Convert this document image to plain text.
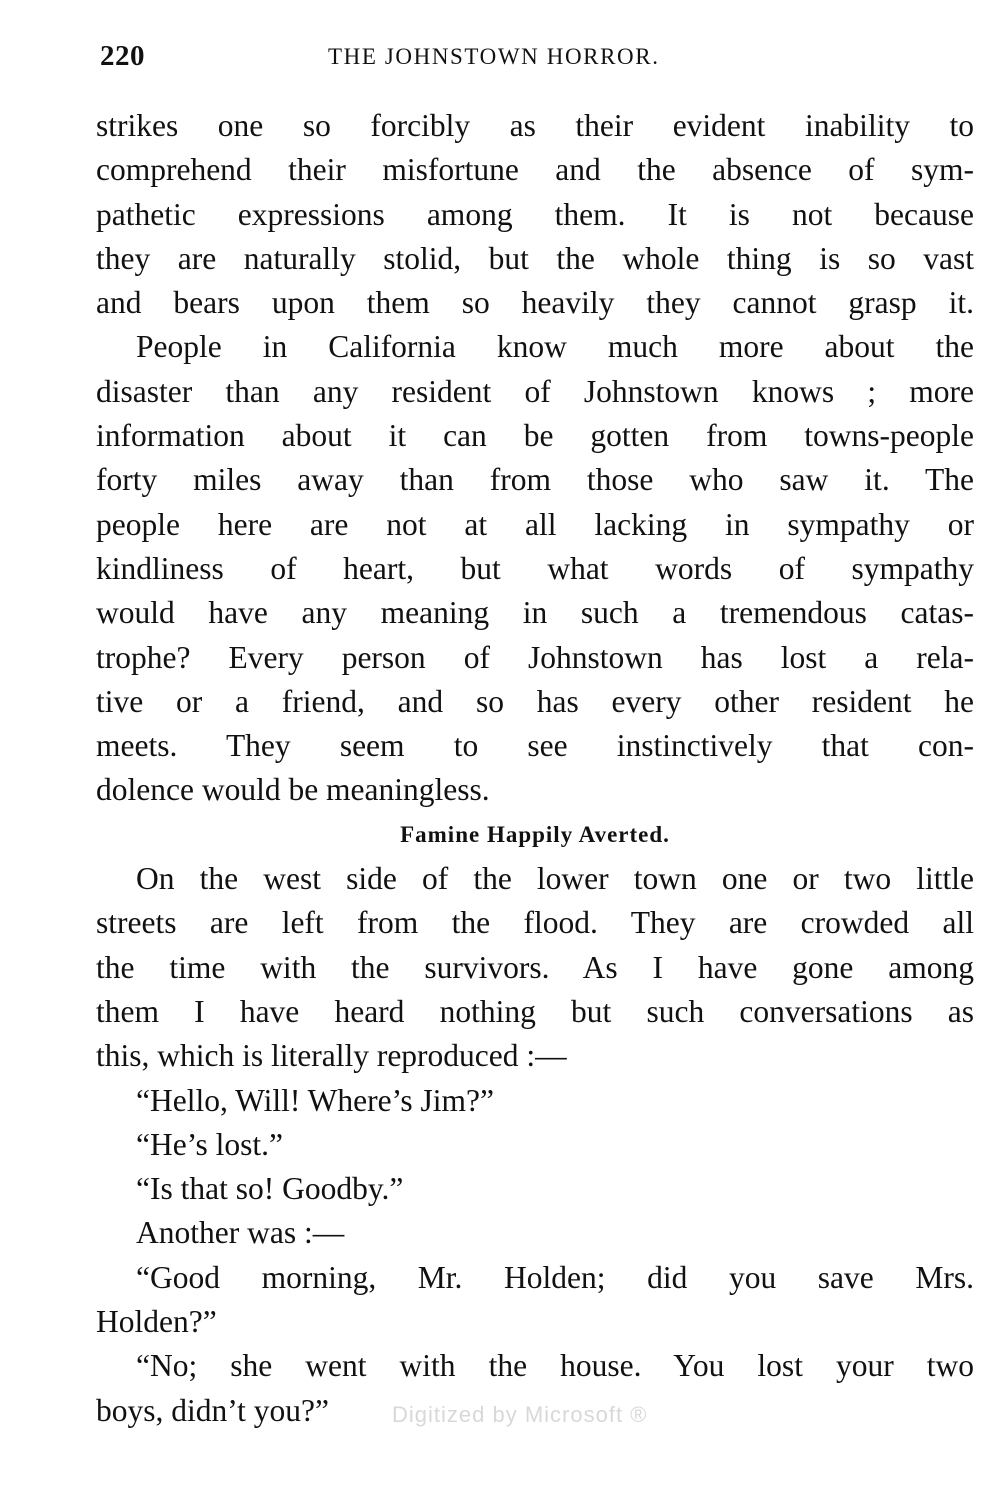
220	THE JOHNSTOWN HORROR.
strikes one so forcibly as their evident inability to
comprehend their misfortune and the absence of sym-
pathetic expressions among them. It is not because
they are naturally stolid, but the whole thing is so vast
and bears upon them so heavily they cannot grasp it.
People in California know much more about the
disaster than any resident of Johnstown knows ; more
information about it can be gotten from towns-people
forty miles away than from those who saw it. The
people here are not at all lacking in sympathy or
kindliness of heart, but what words of sympathy
would have any meaning in such a tremendous catas-
trophe? Every person of Johnstown has lost a rela-
tive or a friend, and so has every other resident he
meets. They seem to see instinctively that con-
dolence would be meaningless.
Famine Happily Averted.
On the west side of the lower town one or two little
streets are left from the flood. They are crowded all
the time with the survivors. As I have gone among
them I have heard nothing but such conversations as
this, which is literally reproduced :—
“Hello, Will! Where’s Jim?”
“He’s lost.”
“Is that so! Goodby.”
Another was :—
“Good morning, Mr. Holden; did you save Mrs.
Holden?”
“No; she went with the house. You lost your two
boys, didn’t you?”	Digitized by Microsoft ®
